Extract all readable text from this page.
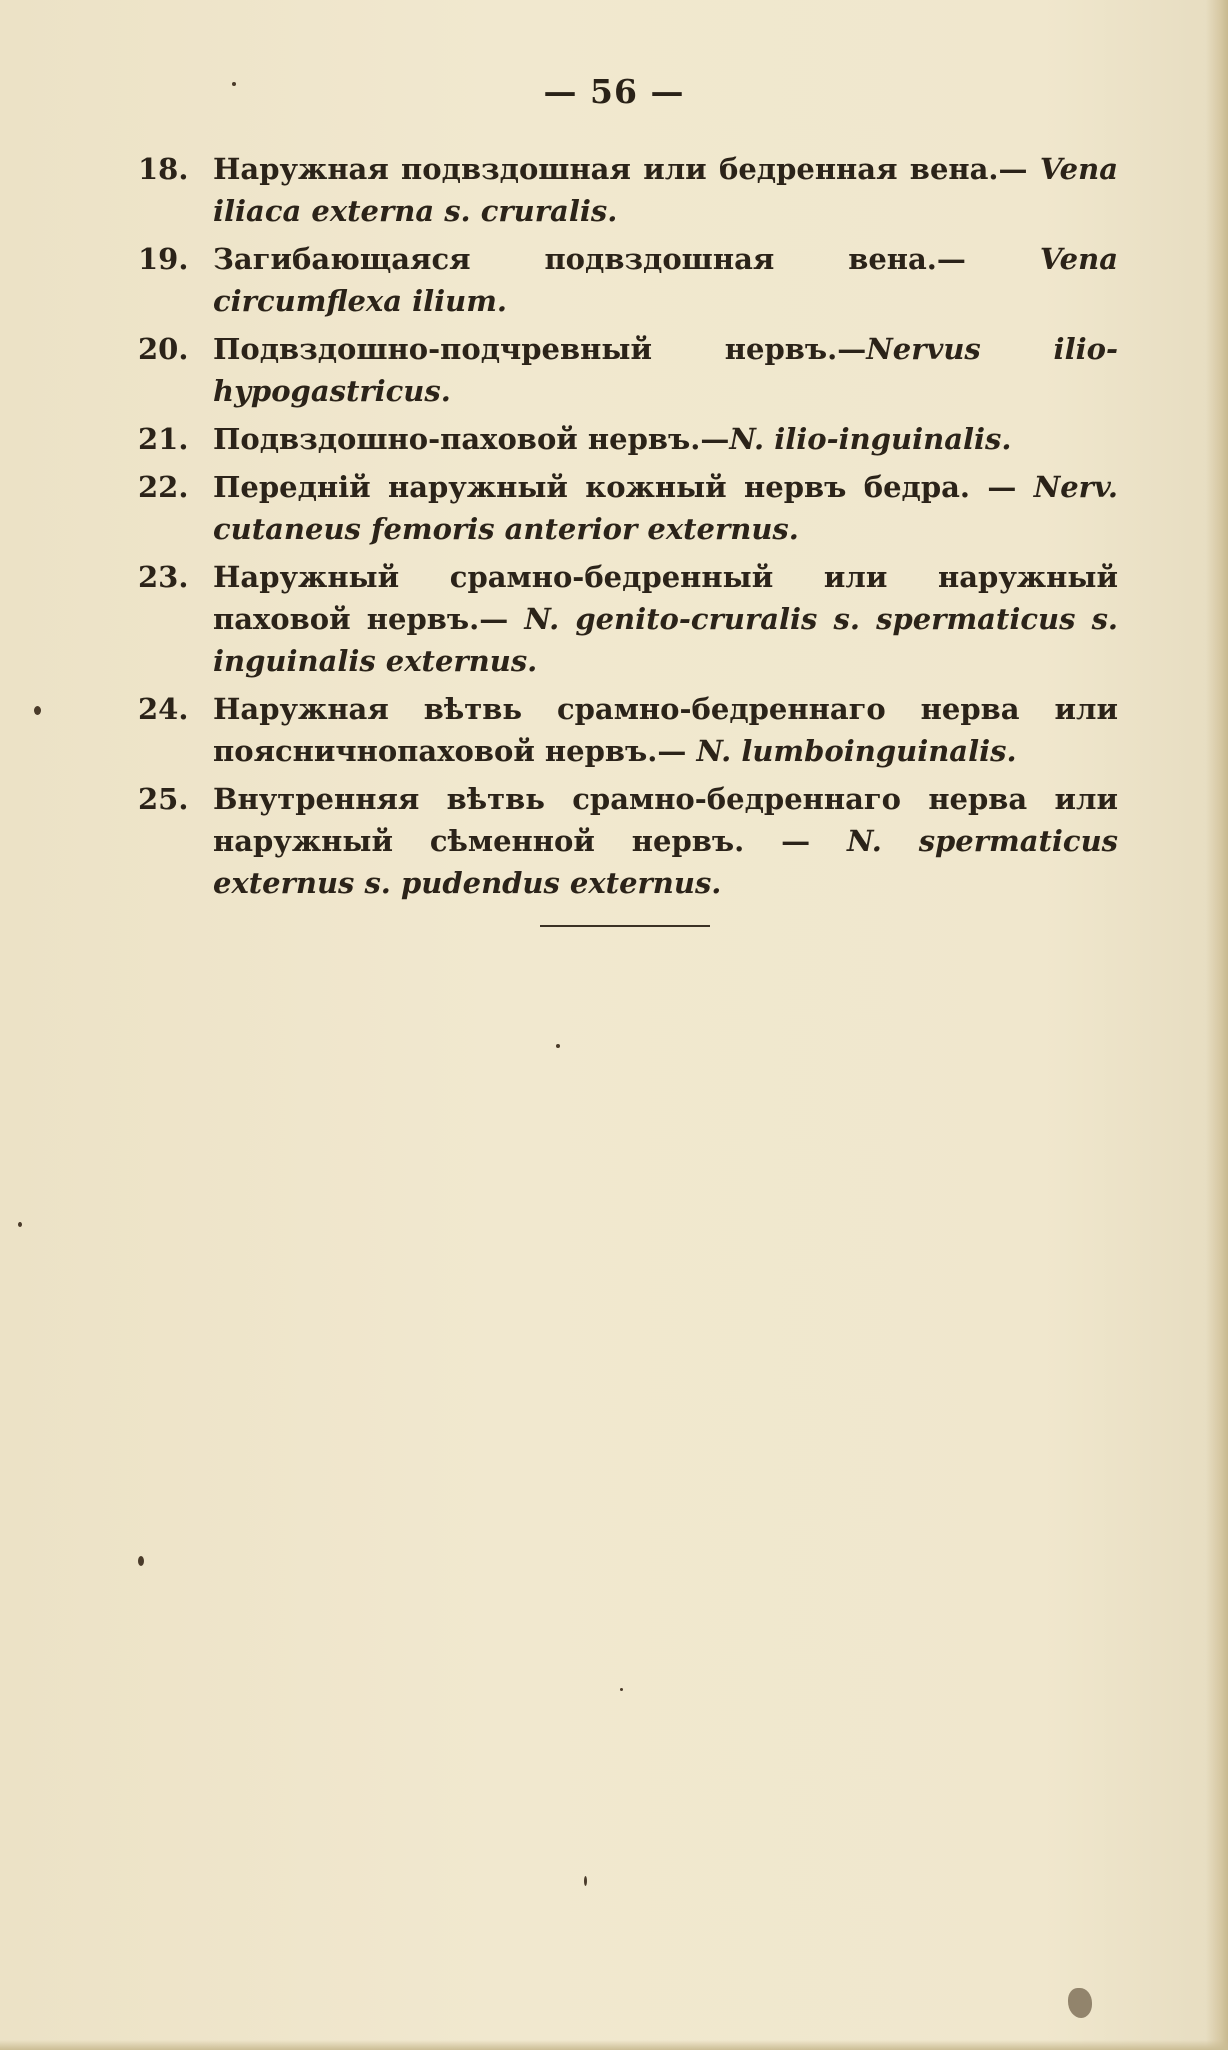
— 56 —
18. Наружная подвздошная или бедренная вена.— Vena iliaca externa s. cruralis.
19. Загибающаяся подвздошная вена.— Vena circumflexa ilium.
20. Подвздошно-подчревный нервъ.—Nervus ilio-hypogastricus.
21. Подвздошно-паховой нервъ.—N. ilio-inguinalis.
22. Передній наружный кожный нервъ бедра. — Nerv. cutaneus femoris anterior externus.
23. Наружный срамно-бедренный или наружный паховой нервъ.— N. genito-cruralis s. spermaticus s. inguinalis externus.
24. Наружная вѣтвь срамно-бедреннаго нерва или поясничнопаховой нервъ.— N. lumboinguinalis.
25. Внутренняя вѣтвь срамно-бедреннаго нерва или наружный сѣменной нервъ. — N. spermaticus externus s. pudendus externus.
